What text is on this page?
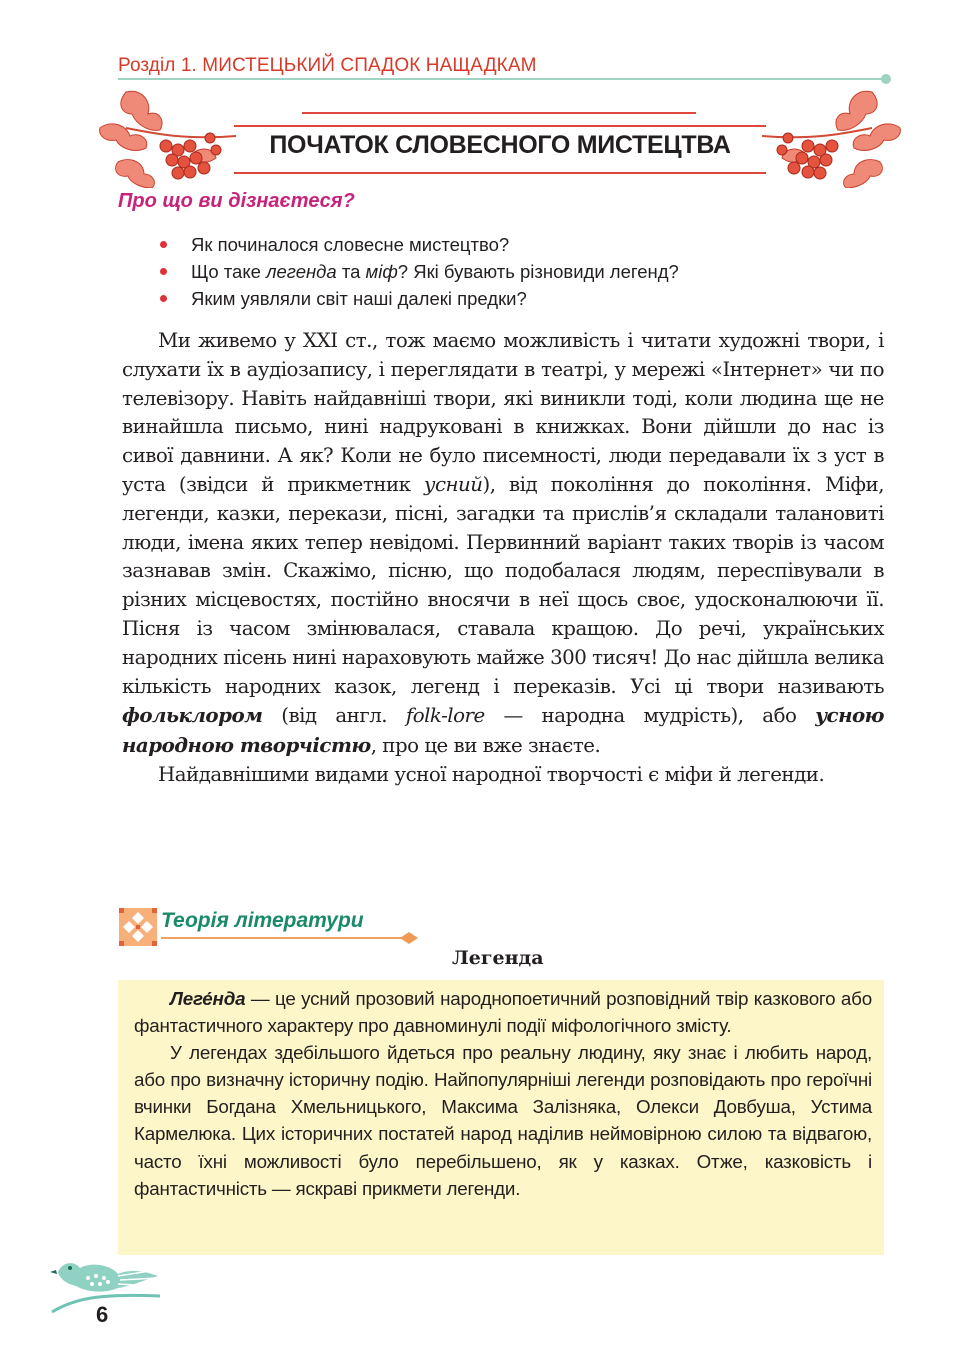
Розділ 1. МИСТЕЦЬКИЙ СПАДОК НАЩАДКАМ
ПОЧАТОК СЛОВЕСНОГО МИСТЕЦТВА
Про що ви дізнаєтеся?
Як починалося словесне мистецтво?
Що таке легенда та міф? Які бувають різновиди легенд?
Яким уявляли світ наші далекі предки?

Ми живемо у XXI ст., тож маємо можливість і читати художні твори, і слухати їх в аудіозапису, і переглядати в театрі, у мережі «Інтернет» чи по телевізору. Навіть найдавніші твори, які виникли тоді, коли людина ще не винайшла письмо, нині надруковані в книжках. Вони дійшли до нас із сивої давнини. А як? Коли не було писемності, люди передавали їх з уст в уста (звідси й прикметник усний), від покоління до покоління. Міфи, легенди, казки, перекази, пісні, загадки та прислів’я складали талановиті люди, імена яких тепер невідомі. Первинний варіант таких творів із часом зазнавав змін. Скажімо, пісню, що подобалася людям, переспівували в різних місцевостях, постійно вносячи в неї щось своє, удосконалюючи її. Пісня із часом змінювалася, ставала кращою. До речі, українських народних пісень нині нараховують майже 300 тисяч! До нас дійшла велика кількість народних казок, легенд і переказів. Усі ці твори називають фольклором (від англ. folk-lore — народна мудрість), або усною народною творчістю, про це ви вже знаєте.

Найдавнішими видами усної народної творчості є міфи й легенди.

Теорія літератури
Легенда

Леге́нда — це усний прозовий народнопоетичний розповідний твір казкового або фантастичного характеру про давноминулі події міфологічного змісту.

У легендах здебільшого йдеться про реальну людину, яку знає і любить народ, або про визначну історичну подію. Найпопулярніші легенди розповідають про героїчні вчинки Богдана Хмельницького, Максима Залізняка, Олекси Довбуша, Устима Кармелюка. Цих історичних постатей народ наділив неймовірною силою та відвагою, часто їхні можливості було перебільшено, як у казках. Отже, казковість і фантастичність — яскраві прикмети легенди.

6
